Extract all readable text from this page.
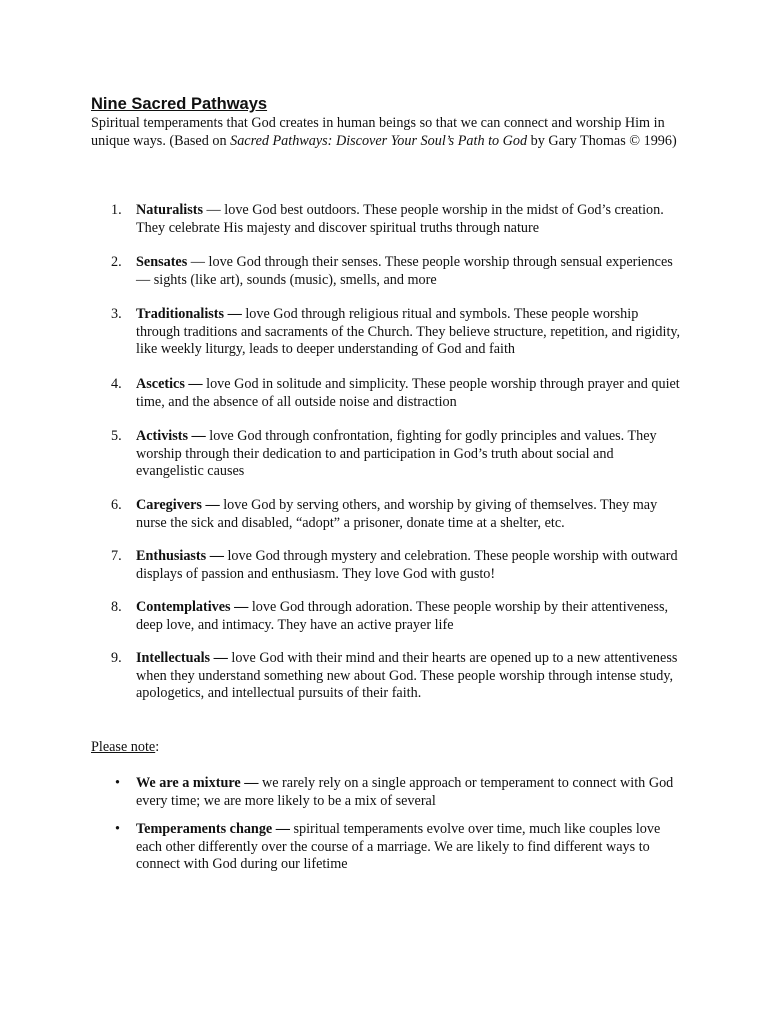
Nine Sacred Pathways

Spiritual temperaments that God creates in human beings so that we can connect and worship Him in unique ways. (Based on Sacred Pathways: Discover Your Soul’s Path to God by Gary Thomas © 1996)

1. Naturalists — love God best outdoors. These people worship in the midst of God’s creation. They celebrate His majesty and discover spiritual truths through nature
2. Sensates — love God through their senses. These people worship through sensual experiences — sights (like art), sounds (music), smells, and more
3. Traditionalists — love God through religious ritual and symbols. These people worship through traditions and sacraments of the Church. They believe structure, repetition, and rigidity, like weekly liturgy, leads to deeper understanding of God and faith
4. Ascetics — love God in solitude and simplicity. These people worship through prayer and quiet time, and the absence of all outside noise and distraction
5. Activists — love God through confrontation, fighting for godly principles and values. They worship through their dedication to and participation in God’s truth about social and evangelistic causes
6. Caregivers — love God by serving others, and worship by giving of themselves. They may nurse the sick and disabled, “adopt” a prisoner, donate time at a shelter, etc.
7. Enthusiasts — love God through mystery and celebration. These people worship with outward displays of passion and enthusiasm. They love God with gusto!
8. Contemplatives — love God through adoration. These people worship by their attentiveness, deep love, and intimacy. They have an active prayer life
9. Intellectuals — love God with their mind and their hearts are opened up to a new attentiveness when they understand something new about God. These people worship through intense study, apologetics, and intellectual pursuits of their faith.
Please note:
• We are a mixture — we rarely rely on a single approach or temperament to connect with God every time; we are more likely to be a mix of several
• Temperaments change — spiritual temperaments evolve over time, much like couples love each other differently over the course of a marriage. We are likely to find different ways to connect with God during our lifetime
